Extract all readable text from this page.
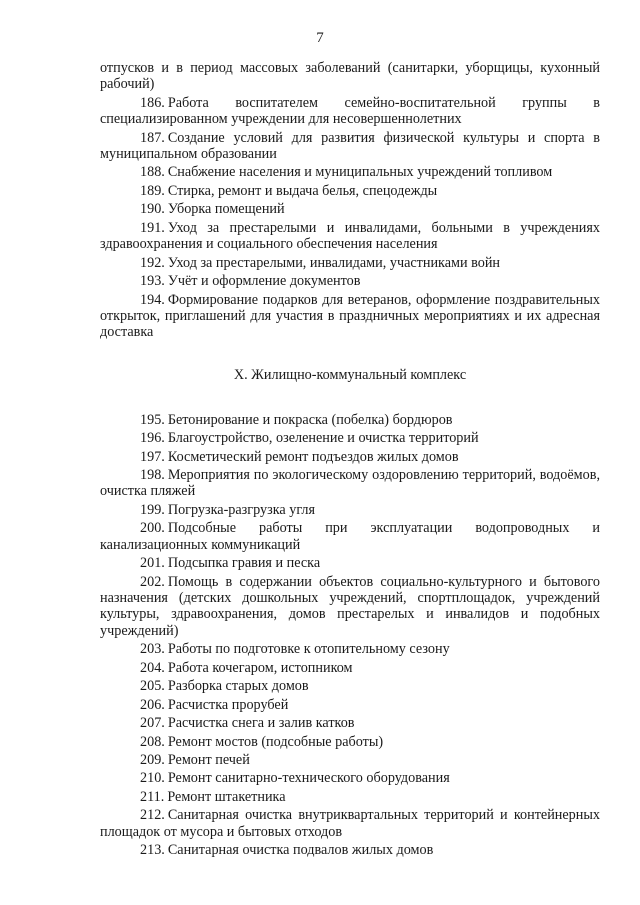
7

отпусков и в период массовых заболеваний (санитарки, уборщицы, кухонный рабочий)

186. Работа воспитателем семейно-воспитательной группы в специализированном учреждении для несовершеннолетних

187. Создание условий для развития физической культуры и спорта в муниципальном образовании

188. Снабжение населения и муниципальных учреждений топливом

189. Стирка, ремонт и выдача белья, спецодежды

190. Уборка помещений

191. Уход за престарелыми и инвалидами, больными в учреждениях здравоохранения и социального обеспечения населения

192. Уход за престарелыми, инвалидами, участниками войн

193. Учёт и оформление документов

194. Формирование подарков для ветеранов, оформление поздравительных открыток, приглашений для участия в праздничных мероприятиях и их адресная доставка

X. Жилищно-коммунальный комплекс

195. Бетонирование и покраска (побелка) бордюров

196. Благоустройство, озеленение и очистка территорий

197. Косметический ремонт подъездов жилых домов

198. Мероприятия по экологическому оздоровлению территорий, водоёмов, очистка пляжей

199. Погрузка-разгрузка угля

200. Подсобные работы при эксплуатации водопроводных и канализационных коммуникаций

201. Подсыпка гравия и песка

202. Помощь в содержании объектов социально-культурного и бытового назначения (детских дошкольных учреждений, спортплощадок, учреждений культуры, здравоохранения, домов престарелых и инвалидов и подобных учреждений)

203. Работы по подготовке к отопительному сезону

204. Работа кочегаром, истопником

205. Разборка старых домов

206. Расчистка прорубей

207. Расчистка снега и залив катков

208. Ремонт мостов (подсобные работы)

209. Ремонт печей

210. Ремонт санитарно-технического оборудования

211. Ремонт штакетника

212. Санитарная очистка внутриквартальных территорий и контейнерных площадок от мусора и бытовых отходов

213. Санитарная очистка подвалов жилых домов
